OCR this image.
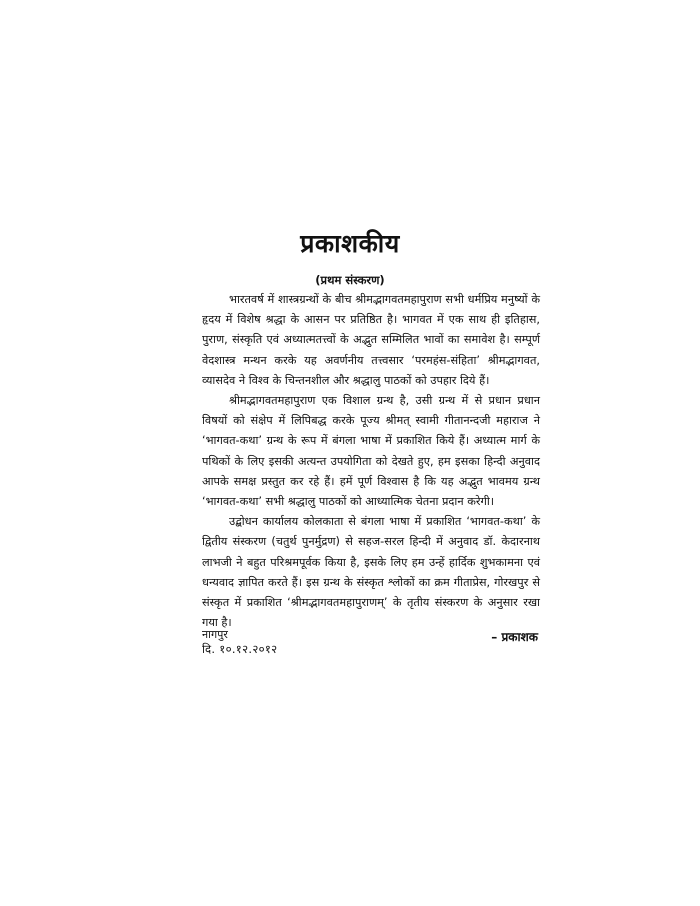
प्रकाशकीय
(प्रथम संस्करण)

भारतवर्ष में शास्त्रग्रन्थों के बीच श्रीमद्भागवतमहापुराण सभी धर्मप्रिय मनुष्यों के हृदय में विशेष श्रद्धा के आसन पर प्रतिष्ठित है। भागवत में एक साथ ही इतिहास, पुराण, संस्कृति एवं अध्यात्मतत्त्वों के अद्भुत सम्मिलित भावों का समावेश है। सम्पूर्ण वेदशास्त्र मन्थन करके यह अवर्णनीय तत्त्वसार ‘परमहंस-संहिता’ श्रीमद्भागवत, व्यासदेव ने विश्व के चिन्तनशील और श्रद्धालु पाठकों को उपहार दिये हैं।

श्रीमद्भागवतमहापुराण एक विशाल ग्रन्थ है, उसी ग्रन्थ में से प्रधान प्रधान विषयों को संक्षेप में लिपिबद्ध करके पूज्य श्रीमत् स्वामी गीतानन्दजी महाराज ने ‘भागवत-कथा’ ग्रन्थ के रूप में बंगला भाषा में प्रकाशित किये हैं। अध्यात्म मार्ग के पथिकों के लिए इसकी अत्यन्त उपयोगिता को देखते हुए, हम इसका हिन्दी अनुवाद आपके समक्ष प्रस्तुत कर रहे हैं। हमें पूर्ण विश्वास है कि यह अद्भुत भावमय ग्रन्थ ‘भागवत-कथा’ सभी श्रद्धालु पाठकों को आध्यात्मिक चेतना प्रदान करेगी।

उद्बोधन कार्यालय कोलकाता से बंगला भाषा में प्रकाशित ‘भागवत-कथा’ के द्वितीय संस्करण (चतुर्थ पुनर्मुद्रण) से सहज-सरल हिन्दी में अनुवाद डॉ. केदारनाथ लाभजी ने बहुत परिश्रमपूर्वक किया है, इसके लिए हम उन्हें हार्दिक शुभकामना एवं धन्यवाद ज्ञापित करते हैं। इस ग्रन्थ के संस्कृत श्लोकों का क्रम गीताप्रेस, गोरखपुर से संस्कृत में प्रकाशित ‘श्रीमद्भागवतमहापुराणम्’ के तृतीय संस्करण के अनुसार रखा गया है।

नागपुर
दि. १०.१२.२०१२
– प्रकाशक
